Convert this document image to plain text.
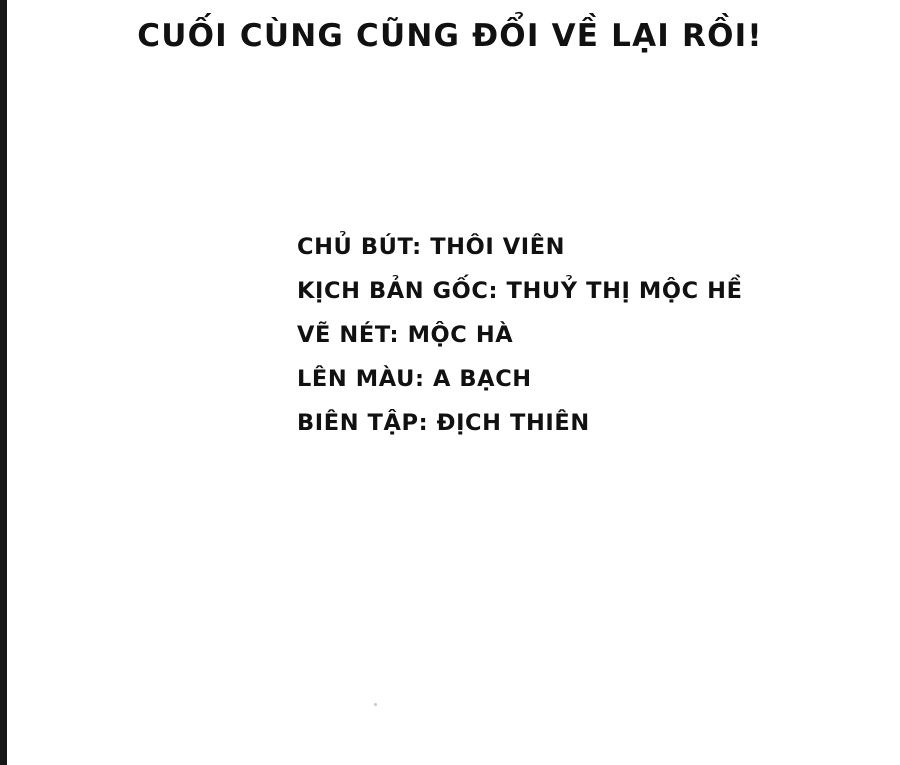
CUỐI CÙNG CŨNG ĐỔI VỀ LẠI RỒI!
CHỦ BÚT: THÔI VIÊN
KỊCH BẢN GỐC: THUỶ THỊ MỘC HỀ
VẼ NÉT: MỘC HÀ
LÊN MÀU: A BẠCH
BIÊN TẬP: ĐỊCH THIÊN
